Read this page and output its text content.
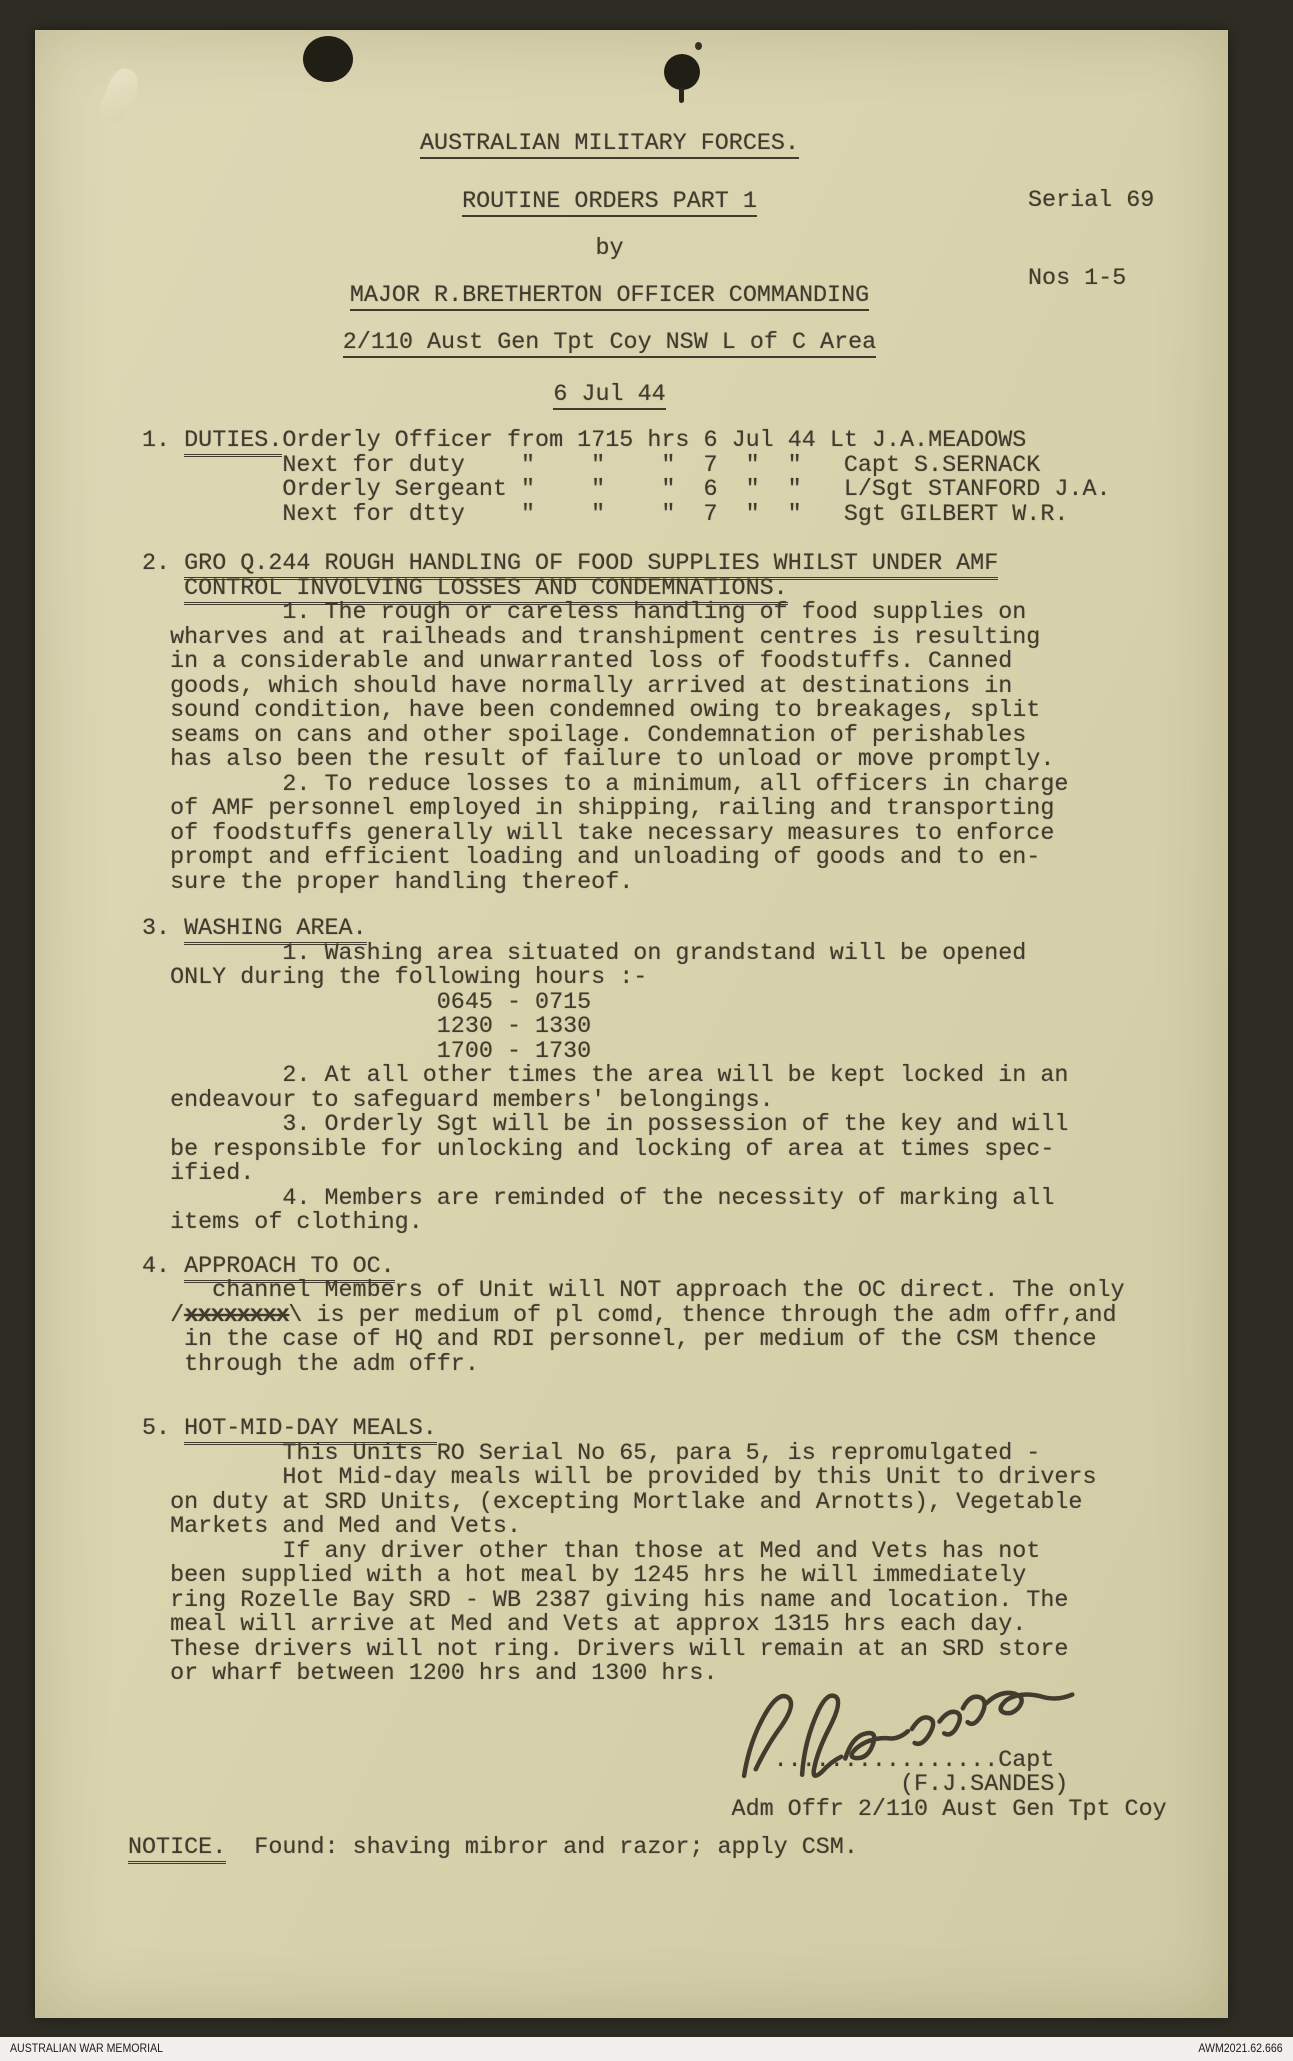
Serial 69

Nos 1-5

AUSTRALIAN MILITARY FORCES.
ROUTINE ORDERS PART 1
by
MAJOR R.BRETHERTON OFFICER COMMANDING
2/110 Aust Gen Tpt Coy NSW L of C Area
6 Jul 44
1. DUTIES.Orderly Officer from 1715 hrs 6 Jul 44 Lt J.A.MEADOWS
Next for duty    "    "    "  7  "  "   Capt S.SERNACK
Orderly Sergeant "    "    "  6  "  "   L/Sgt STANFORD J.A.
Next for dtty    "    "    "  7  "  "   Sgt GILBERT W.R.
2. GRO Q.244 ROUGH HANDLING OF FOOD SUPPLIES WHILST UNDER AMF
CONTROL INVOLVING LOSSES AND CONDEMNATIONS.
1. The rough or careless handling of food supplies on
wharves and at railheads and transhipment centres is resulting
in a considerable and unwarranted loss of foodstuffs. Canned
goods, which should have normally arrived at destinations in
sound condition, have been condemned owing to breakages, split
seams on cans and other spoilage. Condemnation of perishables
has also been the result of failure to unload or move promptly.
2. To reduce losses to a minimum, all officers in charge
of AMF personnel employed in shipping, railing and transporting
of foodstuffs generally will take necessary measures to enforce
prompt and efficient loading and unloading of goods and to en-
sure the proper handling thereof.
3. WASHING AREA.
1. Washing area situated on grandstand will be opened
ONLY during the following hours :-
0645 - 0715
1230 - 1330
1700 - 1730
2. At all other times the area will be kept locked in an
endeavour to safeguard members' belongings.
3. Orderly Sgt will be in possession of the key and will
be responsible for unlocking and locking of area at times spec-
ified.
4. Members are reminded of the necessity of marking all
items of clothing.
4. APPROACH TO OC.
channel Members of Unit will NOT approach the OC direct. The only
/xxxxxxxx\ is per medium of pl comd, thence through the adm offr,and
in the case of HQ and RDI personnel, per medium of the CSM thence
through the adm offr.
5. HOT-MID-DAY MEALS.
This Units RO Serial No 65, para 5, is repromulgated -
Hot Mid-day meals will be provided by this Unit to drivers
on duty at SRD Units, (excepting Mortlake and Arnotts), Vegetable
Markets and Med and Vets.
If any driver other than those at Med and Vets has not
been supplied with a hot meal by 1245 hrs he will immediately
ring Rozelle Bay SRD - WB 2387 giving his name and location. The
meal will arrive at Med and Vets at approx 1315 hrs each day.
These drivers will not ring. Drivers will remain at an SRD store
or wharf between 1200 hrs and 1300 hrs.
................Capt
(F.J.SANDES)
Adm Offr 2/110 Aust Gen Tpt Coy
NOTICE.  Found: shaving mibror and razor; apply CSM.
AUSTRALIAN WAR MEMORIAL	AWM2021.62.666
